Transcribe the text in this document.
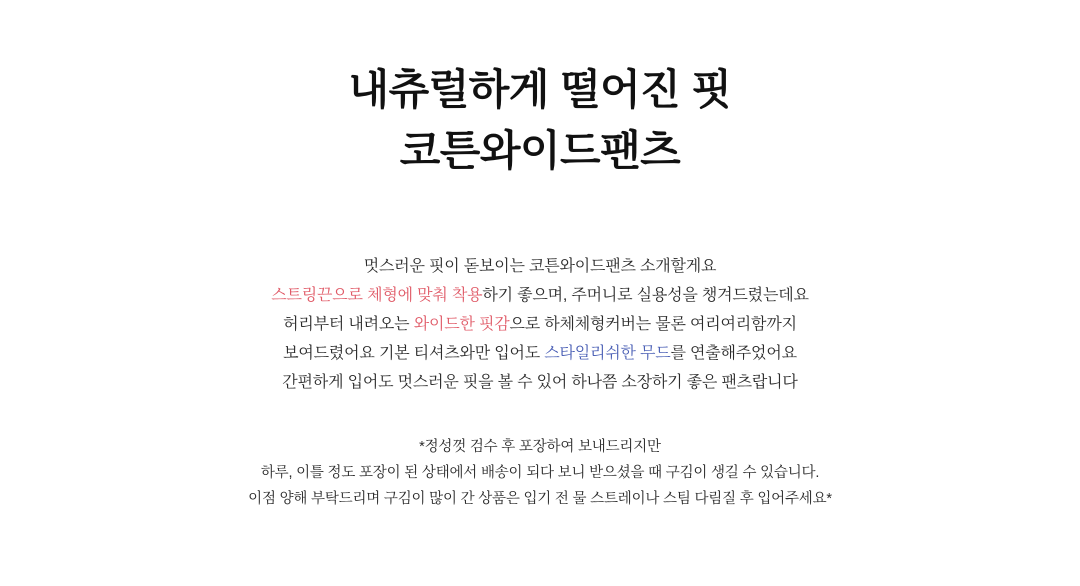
내츄럴하게 떨어진 핏
코튼와이드팬츠
멋스러운 핏이 돋보이는 코튼와이드팬츠 소개할게요
스트링끈으로 체형에 맞춰 착용하기 좋으며, 주머니로 실용성을 챙겨드렸는데요
허리부터 내려오는 와이드한 핏감으로 하체체형커버는 물론 여리여리함까지
보여드렸어요 기본 티셔츠와만 입어도 스타일리쉬한 무드를 연출해주었어요
간편하게 입어도 멋스러운 핏을 볼 수 있어 하나쯤 소장하기 좋은 팬츠랍니다
*정성껏 검수 후 포장하여 보내드리지만
하루, 이틀 정도 포장이 된 상태에서 배송이 되다 보니 받으셨을 때 구김이 생길 수 있습니다.
이점 양해 부탁드리며 구김이 많이 간 상품은 입기 전 물 스트레이나 스팀 다림질 후 입어주세요*
